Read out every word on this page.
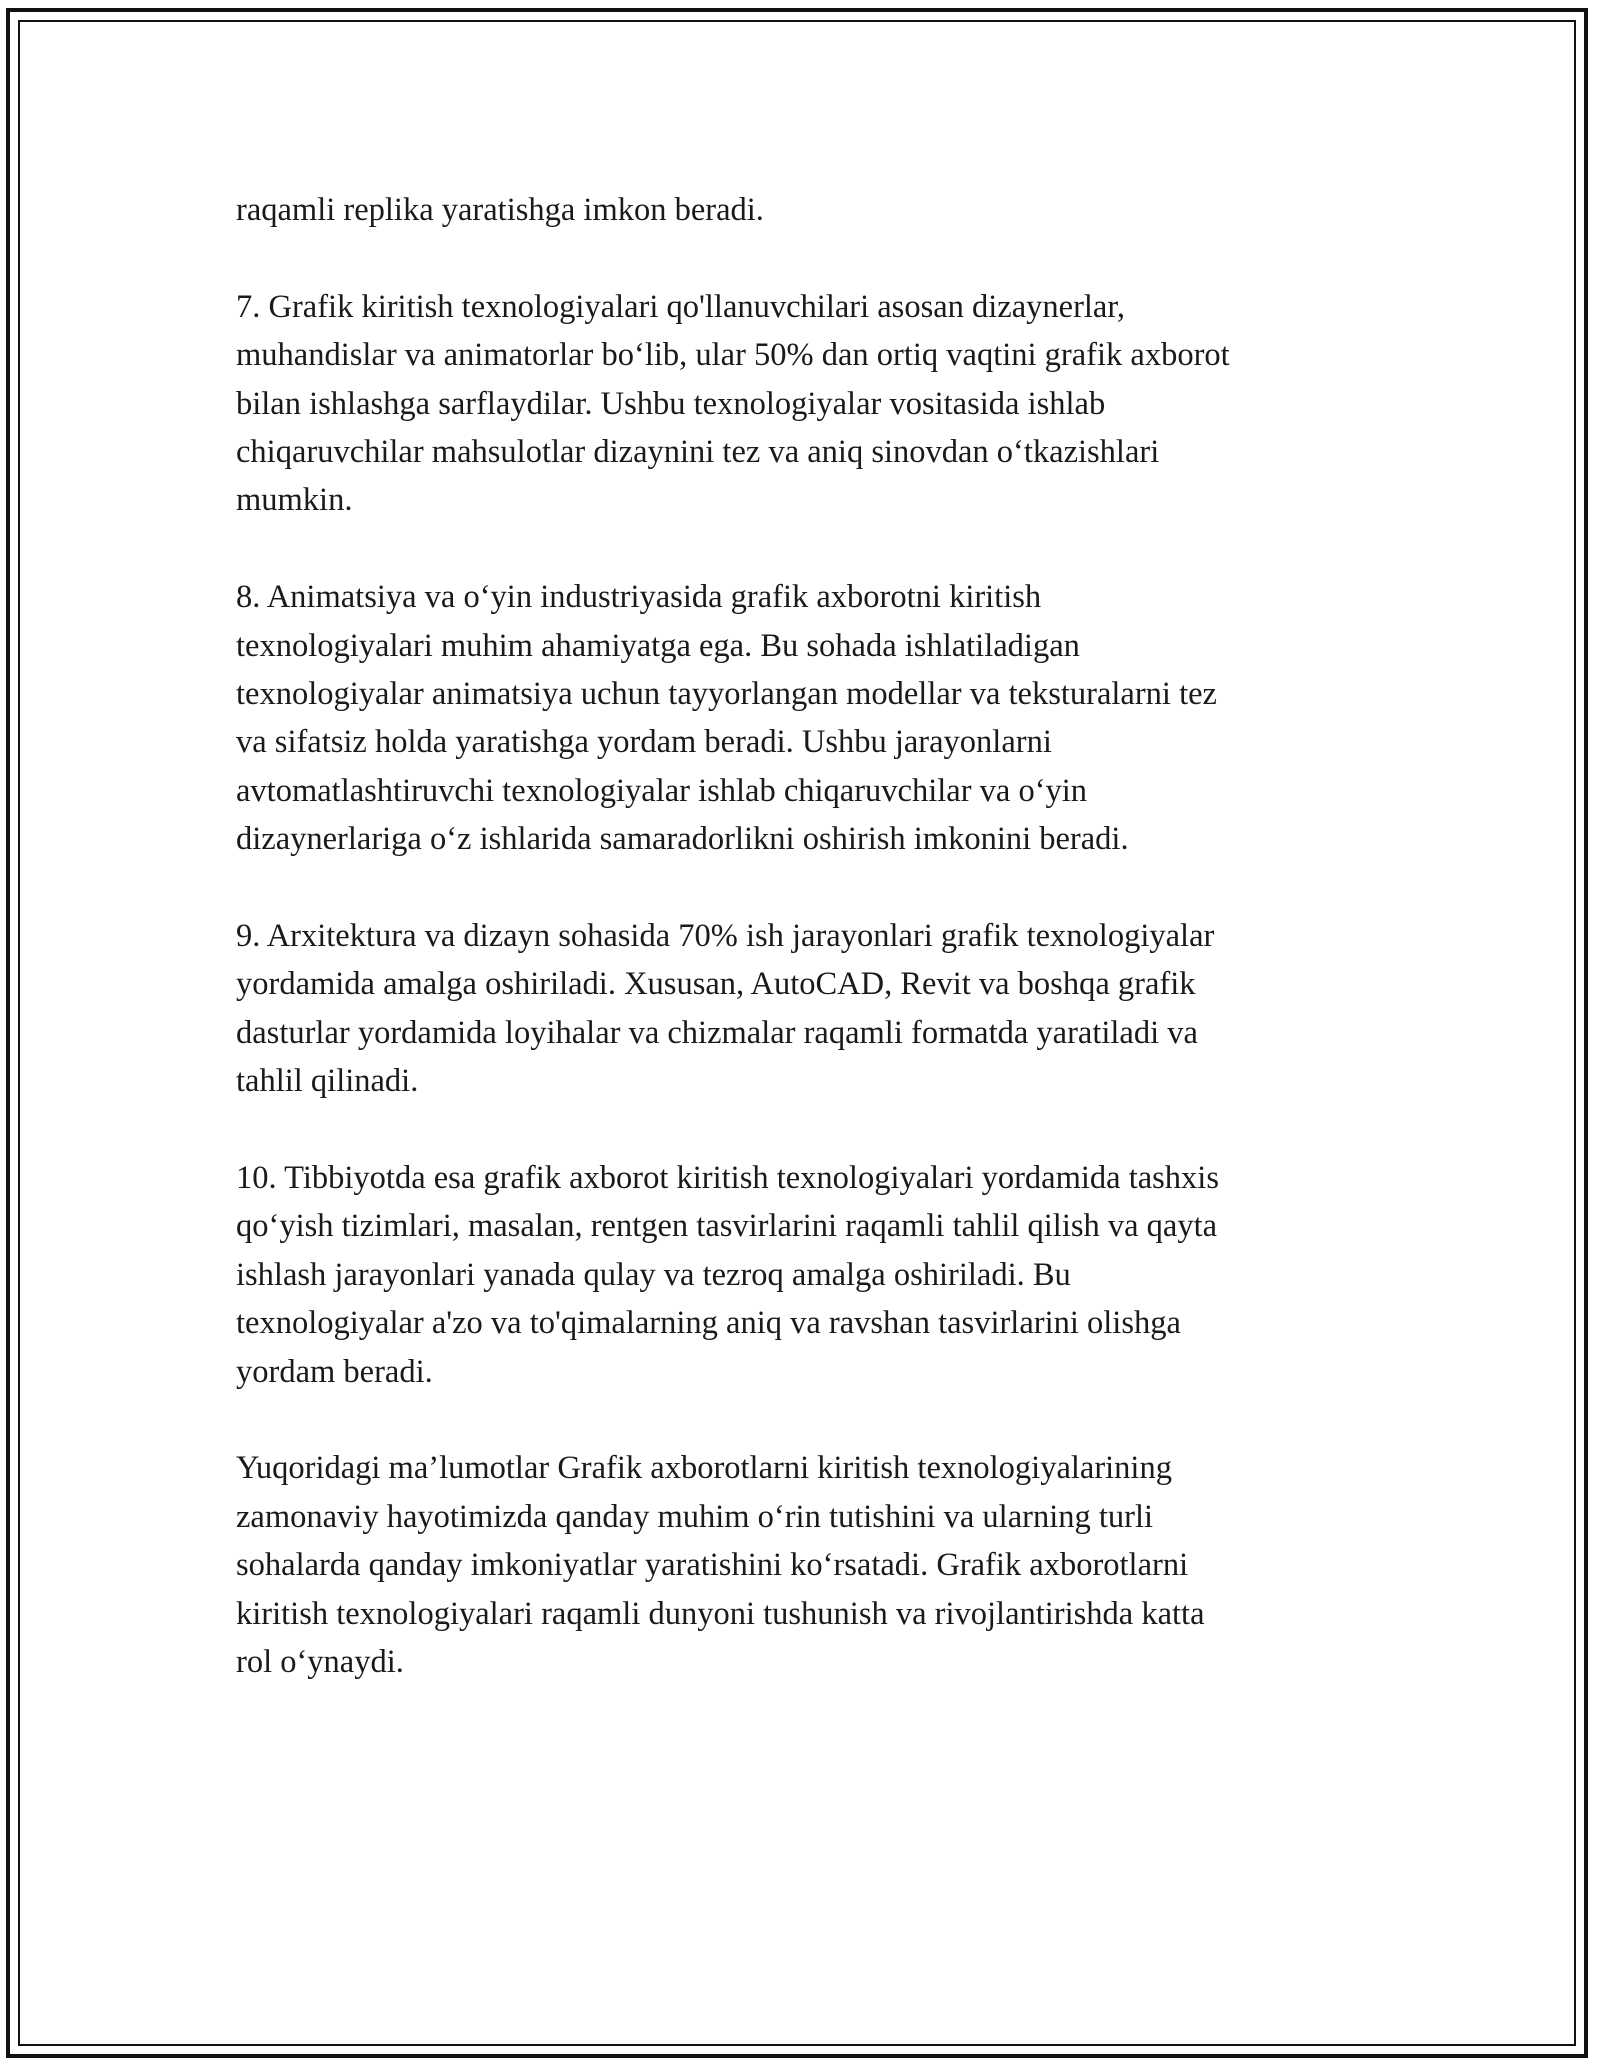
raqamli replika yaratishga imkon beradi.

7. Grafik kiritish texnologiyalari qo'llanuvchilari asosan dizaynerlar,
muhandislar va animatorlar bo‘lib, ular 50% dan ortiq vaqtini grafik axborot
bilan ishlashga sarflaydilar. Ushbu texnologiyalar vositasida ishlab
chiqaruvchilar mahsulotlar dizaynini tez va aniq sinovdan o‘tkazishlari
mumkin.

8. Animatsiya va o‘yin industriyasida grafik axborotni kiritish
texnologiyalari muhim ahamiyatga ega. Bu sohada ishlatiladigan
texnologiyalar animatsiya uchun tayyorlangan modellar va teksturalarni tez
va sifatsiz holda yaratishga yordam beradi. Ushbu jarayonlarni
avtomatlashtiruvchi texnologiyalar ishlab chiqaruvchilar va o‘yin
dizaynerlariga o‘z ishlarida samaradorlikni oshirish imkonini beradi.

9. Arxitektura va dizayn sohasida 70% ish jarayonlari grafik texnologiyalar
yordamida amalga oshiriladi. Xususan, AutoCAD, Revit va boshqa grafik
dasturlar yordamida loyihalar va chizmalar raqamli formatda yaratiladi va
tahlil qilinadi.

10. Tibbiyotda esa grafik axborot kiritish texnologiyalari yordamida tashxis
qo‘yish tizimlari, masalan, rentgen tasvirlarini raqamli tahlil qilish va qayta
ishlash jarayonlari yanada qulay va tezroq amalga oshiriladi. Bu
texnologiyalar a'zo va to'qimalarning aniq va ravshan tasvirlarini olishga
yordam beradi.

Yuqoridagi ma’lumotlar Grafik axborotlarni kiritish texnologiyalarining
zamonaviy hayotimizda qanday muhim o‘rin tutishini va ularning turli
sohalarda qanday imkoniyatlar yaratishini ko‘rsatadi. Grafik axborotlarni
kiritish texnologiyalari raqamli dunyoni tushunish va rivojlantirishda katta
rol o‘ynaydi.
